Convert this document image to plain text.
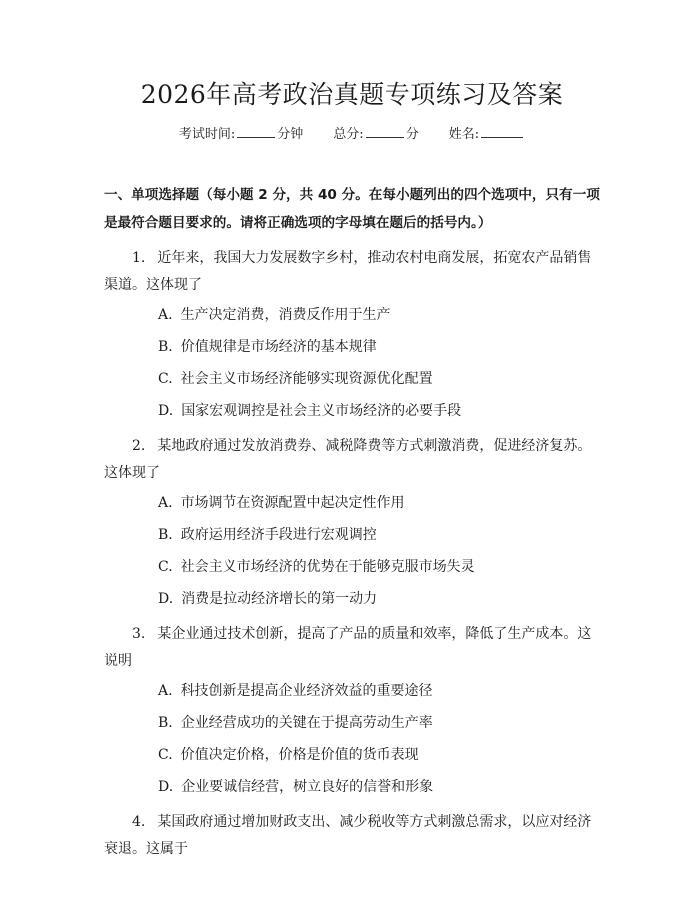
2026年高考政治真题专项练习及答案
考试时间:	分钟 总分:	分 姓名:

一、单项选择题（每小题 2 分，共 40 分。在每小题列出的四个选项中，只有一项是最符合题目要求的。请将正确选项的字母填在题后的括号内。）

1. 近年来，我国大力发展数字乡村，推动农村电商发展，拓宽农产品销售渠道。这体现了

A. 生产决定消费，消费反作用于生产
B. 价值规律是市场经济的基本规律
C. 社会主义市场经济能够实现资源优化配置
D. 国家宏观调控是社会主义市场经济的必要手段

2. 某地政府通过发放消费券、减税降费等方式刺激消费，促进经济复苏。这体现了

A. 市场调节在资源配置中起决定性作用
B. 政府运用经济手段进行宏观调控
C. 社会主义市场经济的优势在于能够克服市场失灵
D. 消费是拉动经济增长的第一动力

3. 某企业通过技术创新，提高了产品的质量和效率，降低了生产成本。这说明

A. 科技创新是提高企业经济效益的重要途径
B. 企业经营成功的关键在于提高劳动生产率
C. 价值决定价格，价格是价值的货币表现
D. 企业要诚信经营，树立良好的信誉和形象

4. 某国政府通过增加财政支出、减少税收等方式刺激总需求，以应对经济衰退。这属于
